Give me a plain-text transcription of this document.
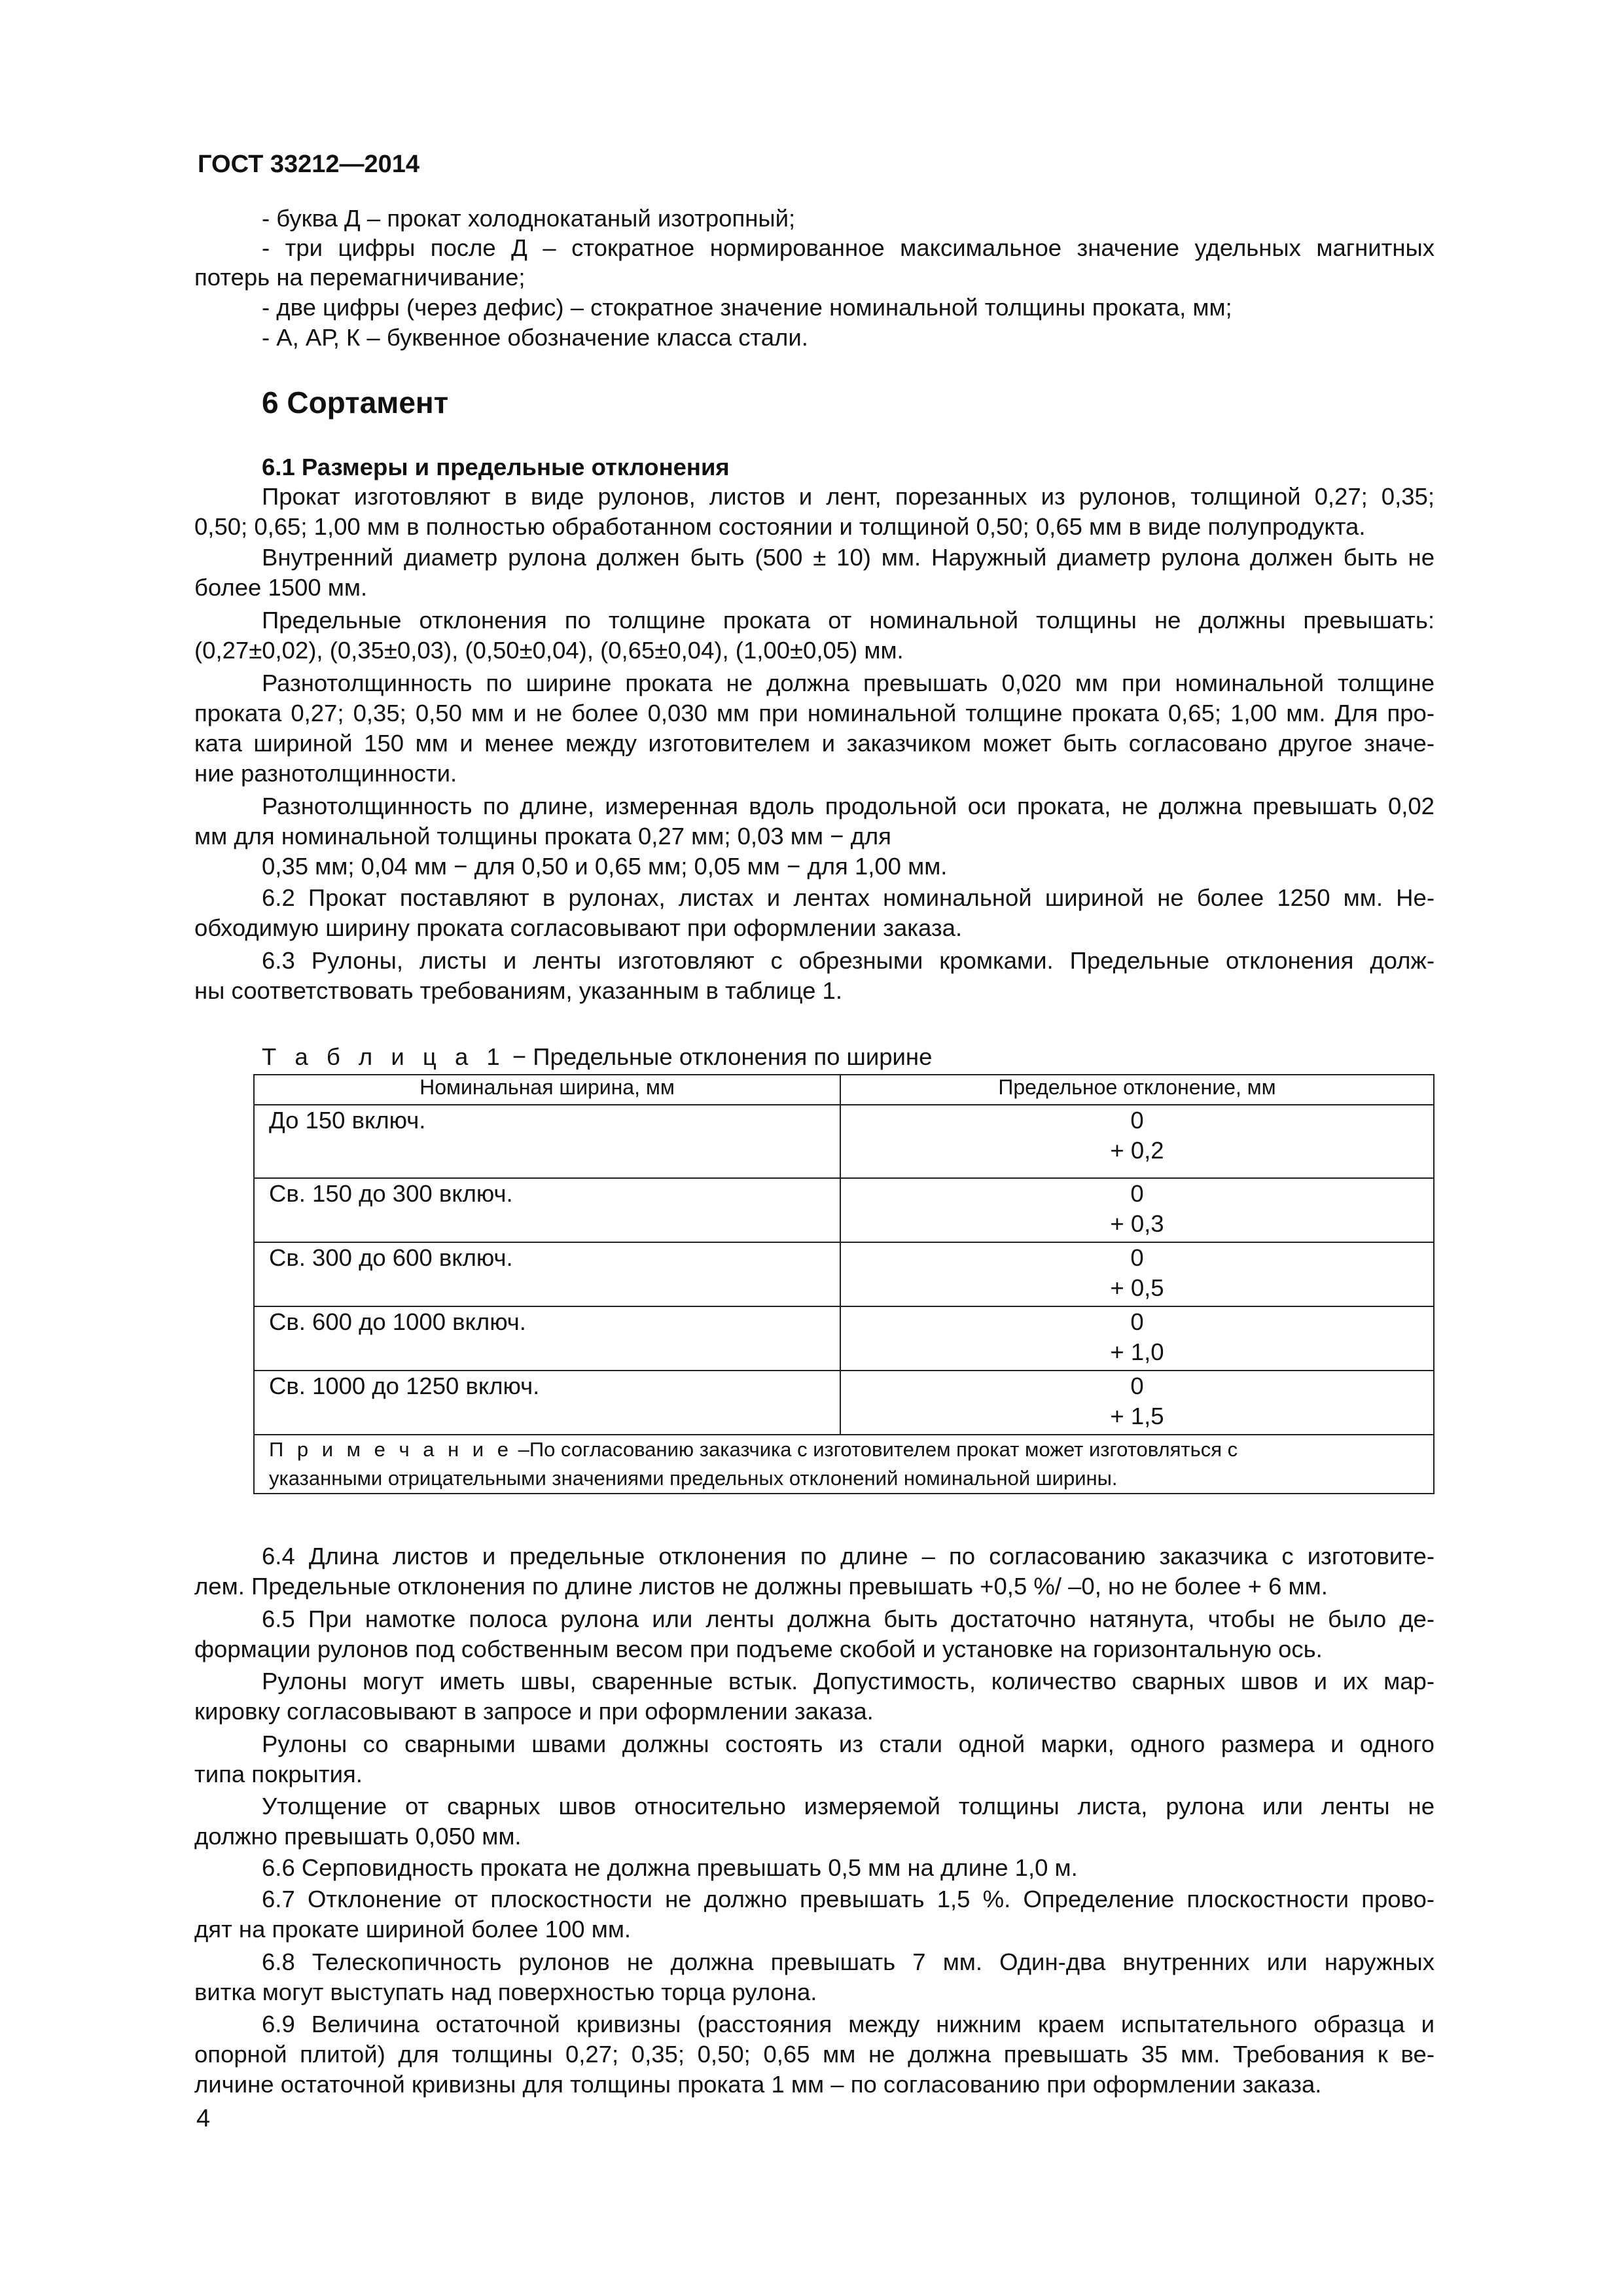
ГОСТ 33212—2014
- буква Д – прокат холоднокатаный изотропный;
- три цифры после Д – стократное нормированное максимальное значение удельных магнитных
потерь на перемагничивание;
- две цифры (через дефис) – стократное значение номинальной толщины проката, мм;
- А, АР, К – буквенное обозначение класса стали.
6 Сортамент
6.1 Размеры и предельные отклонения
Прокат изготовляют в виде рулонов, листов и лент, порезанных из рулонов, толщиной 0,27; 0,35;
0,50; 0,65; 1,00 мм в полностью обработанном состоянии и толщиной 0,50; 0,65 мм в виде полупродукта.
Внутренний диаметр рулона должен быть (500 ± 10) мм. Наружный диаметр рулона должен быть не
более 1500 мм.
Предельные отклонения по толщине проката от номинальной толщины не должны превышать:
(0,27±0,02), (0,35±0,03), (0,50±0,04), (0,65±0,04), (1,00±0,05) мм.
Разнотолщинность по ширине проката не должна превышать 0,020 мм при номинальной толщине
проката 0,27; 0,35; 0,50 мм и не более 0,030 мм при номинальной толщине проката 0,65; 1,00 мм. Для про-
ката шириной 150 мм и менее между изготовителем и заказчиком может быть согласовано другое значе-
ние разнотолщинности.
Разнотолщинность по длине, измеренная вдоль продольной оси проката, не должна превышать 0,02
мм для номинальной толщины проката 0,27 мм; 0,03 мм − для
0,35 мм; 0,04 мм − для 0,50 и 0,65 мм; 0,05 мм − для 1,00 мм.
6.2 Прокат поставляют в рулонах, листах и лентах номинальной шириной не более 1250 мм. Не-
обходимую ширину проката согласовывают при оформлении заказа.
6.3 Рулоны, листы и ленты изготовляют с обрезными кромками. Предельные отклонения долж-
ны соответствовать требованиям, указанным в таблице 1.
Т а б л и ц а 1 − Предельные отклонения по ширине
Номинальная ширина, мм	Предельное отклонение, мм
До 150 включ.	0
+ 0,2

Св. 150 до 300 включ.	0
+ 0,3

Св. 300 до 600 включ.	0
+ 0,5

Св. 600 до 1000 включ.	0
+ 1,0

Св. 1000 до 1250 включ.	0
+ 1,5

П р и м е ч а н и е –По согласованию заказчика с изготовителем прокат может изготовляться с
указанными отрицательными значениями предельных отклонений номинальной ширины.	
6.4 Длина листов и предельные отклонения по длине – по согласованию заказчика с изготовите-
лем. Предельные отклонения по длине листов не должны превышать +0,5 %/ –0, но не более + 6 мм.
6.5 При намотке полоса рулона или ленты должна быть достаточно натянута, чтобы не было де-
формации рулонов под собственным весом при подъеме скобой и установке на горизонтальную ось.
Рулоны могут иметь швы, сваренные встык. Допустимость, количество сварных швов и их мар-
кировку согласовывают в запросе и при оформлении заказа.
Рулоны со сварными швами должны состоять из стали одной марки, одного размера и одного
типа покрытия.
Утолщение от сварных швов относительно измеряемой толщины листа, рулона или ленты не
должно превышать 0,050 мм.
6.6 Серповидность проката не должна превышать 0,5 мм на длине 1,0 м.
6.7 Отклонение от плоскостности не должно превышать 1,5 %. Определение плоскостности прово-
дят на прокате шириной более 100 мм.
6.8 Телескопичность рулонов не должна превышать 7 мм. Один-два внутренних или наружных
витка могут выступать над поверхностью торца рулона.
6.9 Величина остаточной кривизны (расстояния между нижним краем испытательного образца и
опорной плитой) для толщины 0,27; 0,35; 0,50; 0,65 мм не должна превышать 35 мм. Требования к ве-
личине остаточной кривизны для толщины проката 1 мм – по согласованию при оформлении заказа.
4
